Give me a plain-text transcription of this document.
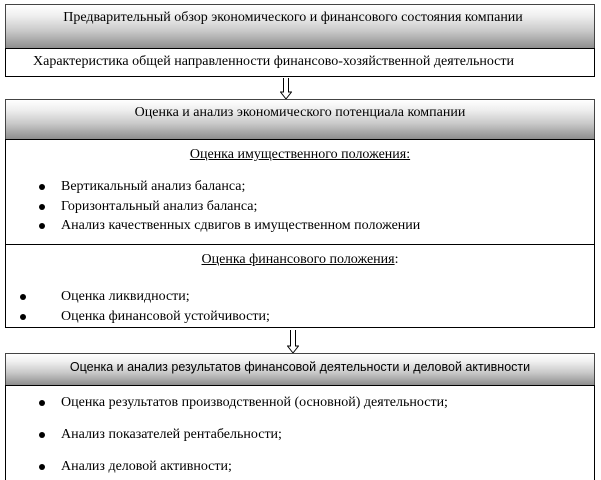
Предварительный обзор экономического и финансового состояния компании
Характеристика общей направленности финансово-хозяйственной деятельности
Оценка и анализ экономического потенциала компании
Оценка имущественного положения:
Вертикальный анализ баланса;
Горизонтальный анализ баланса;
Анализ качественных сдвигов в имущественном положении
Оценка финансового положения:
Оценка ликвидности;
Оценка финансовой устойчивости;
Оценка и анализ результатов финансовой деятельности и деловой активности
Оценка результатов производственной (основной) деятельности;
Анализ показателей рентабельности;
Анализ деловой активности;
